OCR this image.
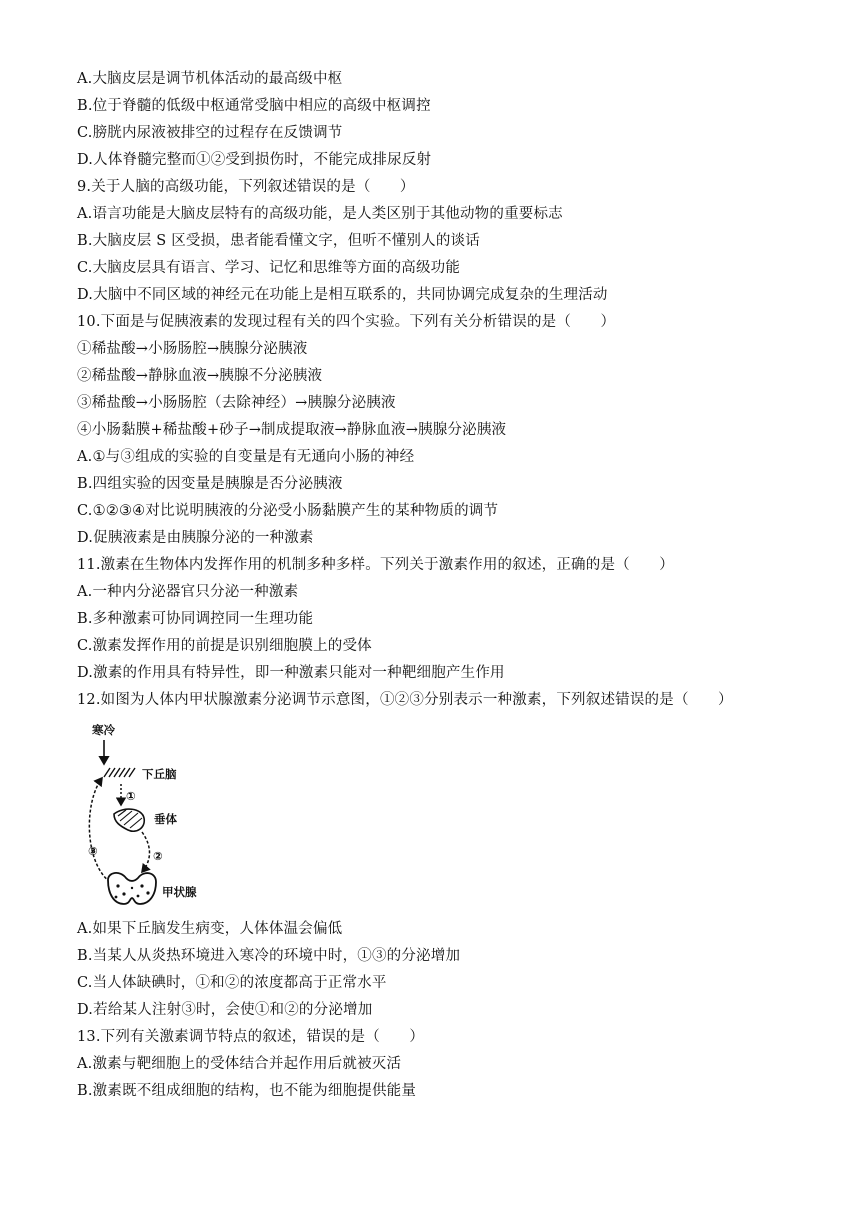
A.大脑皮层是调节机体活动的最高级中枢
B.位于脊髓的低级中枢通常受脑中相应的高级中枢调控
C.膀胱内尿液被排空的过程存在反馈调节
D.人体脊髓完整而①②受到损伤时，不能完成排尿反射
9.关于人脑的高级功能，下列叙述错误的是（　　）
A.语言功能是大脑皮层特有的高级功能，是人类区别于其他动物的重要标志
B.大脑皮层 S 区受损，患者能看懂文字，但听不懂别人的谈话
C.大脑皮层具有语言、学习、记忆和思维等方面的高级功能
D.大脑中不同区域的神经元在功能上是相互联系的，共同协调完成复杂的生理活动
10.下面是与促胰液素的发现过程有关的四个实验。下列有关分析错误的是（　　）
①稀盐酸→小肠肠腔→胰腺分泌胰液
②稀盐酸→静脉血液→胰腺不分泌胰液
③稀盐酸→小肠肠腔（去除神经）→胰腺分泌胰液
④小肠黏膜+稀盐酸+砂子→制成提取液→静脉血液→胰腺分泌胰液
A.①与③组成的实验的自变量是有无通向小肠的神经
B.四组实验的因变量是胰腺是否分泌胰液
C.①②③④对比说明胰液的分泌受小肠黏膜产生的某种物质的调节
D.促胰液素是由胰腺分泌的一种激素
11.激素在生物体内发挥作用的机制多种多样。下列关于激素作用的叙述，正确的是（　　）
A.一种内分泌器官只分泌一种激素
B.多种激素可协同调控同一生理功能
C.激素发挥作用的前提是识别细胞膜上的受体
D.激素的作用具有特异性，即一种激素只能对一种靶细胞产生作用
12.如图为人体内甲状腺激素分泌调节示意图，①②③分别表示一种激素，下列叙述错误的是（　　）
寒冷
下丘脑
①
垂体
②
③
甲状腺
A.如果下丘脑发生病变，人体体温会偏低
B.当某人从炎热环境进入寒冷的环境中时，①③的分泌增加
C.当人体缺碘时，①和②的浓度都高于正常水平
D.若给某人注射③时，会使①和②的分泌增加
13.下列有关激素调节特点的叙述，错误的是（　　）
A.激素与靶细胞上的受体结合并起作用后就被灭活
B.激素既不组成细胞的结构，也不能为细胞提供能量
